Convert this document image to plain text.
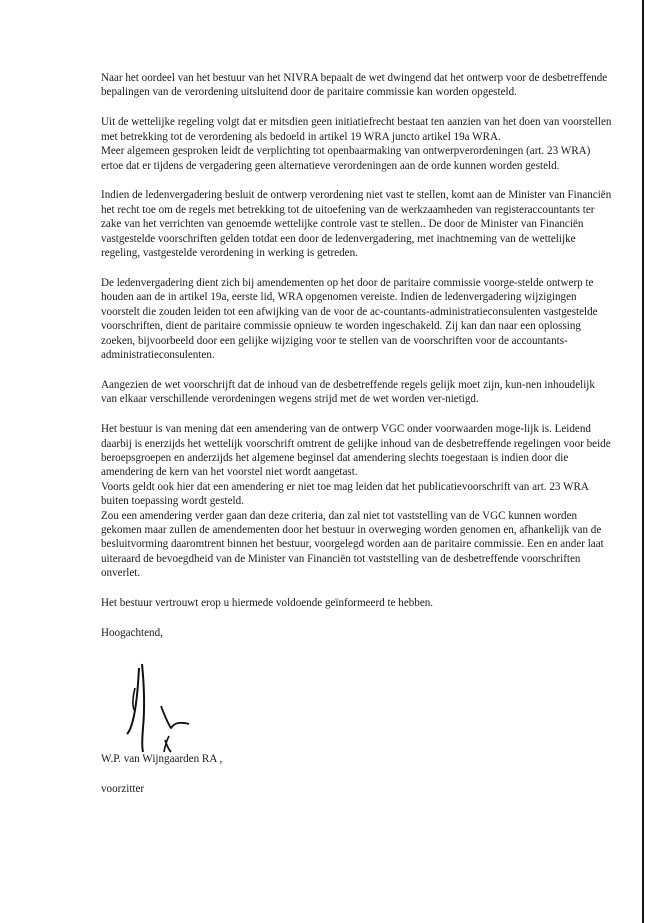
Naar het oordeel van het bestuur van het NIVRA bepaalt de wet dwingend dat het ontwerp voor de desbetreffende bepalingen van de verordening uitsluitend door de paritaire commissie kan worden opgesteld.

Uit de wettelijke regeling volgt dat er mitsdien geen initiatiefrecht bestaat ten aanzien van het doen van voorstellen met betrekking tot de verordening als bedoeld in artikel 19 WRA juncto artikel 19a WRA.

Meer algemeen gesproken leidt de verplichting tot openbaarmaking van ontwerpverordeningen (art. 23 WRA) ertoe dat er tijdens de vergadering geen alternatieve verordeningen aan de orde kunnen worden gesteld.

Indien de ledenvergadering besluit de ontwerp verordening niet vast te stellen, komt aan de Minister van Financiën het recht toe om de regels met betrekking tot de uitoefening van de werkzaamheden van registeraccountants ter zake van het verrichten van genoemde wettelijke controle vast te stellen.. De door de Minister van Financiën vastgestelde voorschriften gelden totdat een door de ledenvergadering, met inachtneming van de wettelijke regeling, vastgestelde verordening in werking is getreden.

De ledenvergadering dient zich bij amendementen op het door de paritaire commissie voorge-stelde ontwerp te houden aan de in artikel 19a, eerste lid, WRA opgenomen vereiste. Indien de ledenvergadering wijzigingen voorstelt die zouden leiden tot een afwijking van de voor de ac-countants-administratieconsulenten vastgestelde voorschriften, dient de paritaire commissie opnieuw te worden ingeschakeld. Zij kan dan naar een oplossing zoeken, bijvoorbeeld door een gelijke wijziging voor te stellen van de voorschriften voor de accountants-administratieconsulenten.

Aangezien de wet voorschrijft dat de inhoud van de desbetreffende regels gelijk moet zijn, kun-nen inhoudelijk van elkaar verschillende verordeningen wegens strijd met de wet worden ver-nietigd.

Het bestuur is van mening dat een amendering van de ontwerp VGC onder voorwaarden moge-lijk is. Leidend daarbij is enerzijds het wettelijk voorschrift omtrent de gelijke inhoud van de desbetreffende regelingen voor beide beroepsgroepen en anderzijds het algemene beginsel dat amendering slechts toegestaan is indien door die amendering de kern van het voorstel niet wordt aangetast.

Voorts geldt ook hier dat een amendering er niet toe mag leiden dat het publicatievoorschrift van art. 23 WRA buiten toepassing wordt gesteld.

Zou een amendering verder gaan dan deze criteria, dan zal niet tot vaststelling van de VGC kunnen worden gekomen maar zullen de amendementen door het bestuur in overweging worden genomen en, afhankelijk van de besluitvorming daaromtrent binnen het bestuur, voorgelegd worden aan de paritaire commissie. Een en ander laat uiteraard de bevoegdheid van de Minister van Financiën tot vaststelling van de desbetreffende voorschriften onverlet.

Het bestuur vertrouwt erop u hiermede voldoende geïnformeerd te hebben.

Hoogachtend,

W.P. van Wijngaarden RA ,

voorzitter
